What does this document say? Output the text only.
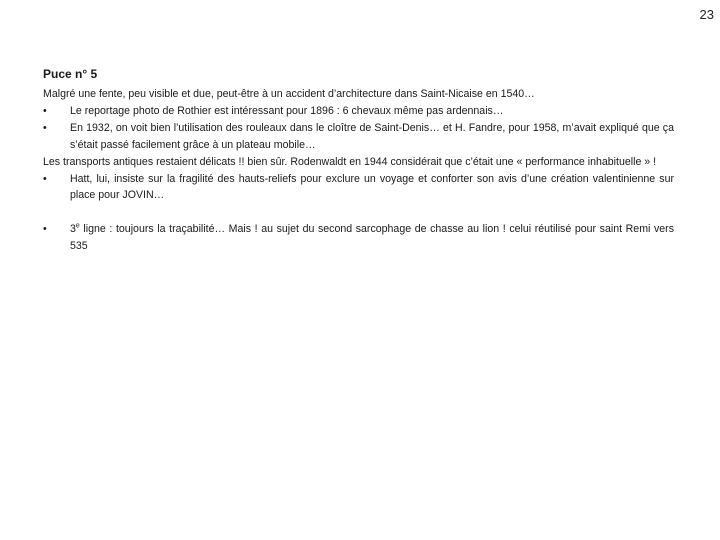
23

Puce n° 5

Malgré une fente, peu visible et due, peut-être à un accident d’architecture dans Saint-Nicaise en 1540…

• Le reportage photo de Rothier est intéressant pour 1896 : 6 chevaux même pas ardennais…

• En 1932, on voit bien l’utilisation des rouleaux dans le cloître de Saint-Denis… et H. Fandre, pour 1958, m’avait expliqué que ça s’était passé facilement grâce à un plateau mobile…

Les transports antiques restaient délicats !! bien sûr. Rodenwaldt en 1944 considérait que c’était une « performance inhabituelle » !

• Hatt, lui, insiste sur la fragilité des hauts-reliefs pour exclure un voyage et conforter son avis d’une création valentinienne sur place pour JOVIN…

• 3e ligne : toujours la traçabilité… Mais ! au sujet du second sarcophage de chasse au lion ! celui réutilisé pour saint Remi vers 535
